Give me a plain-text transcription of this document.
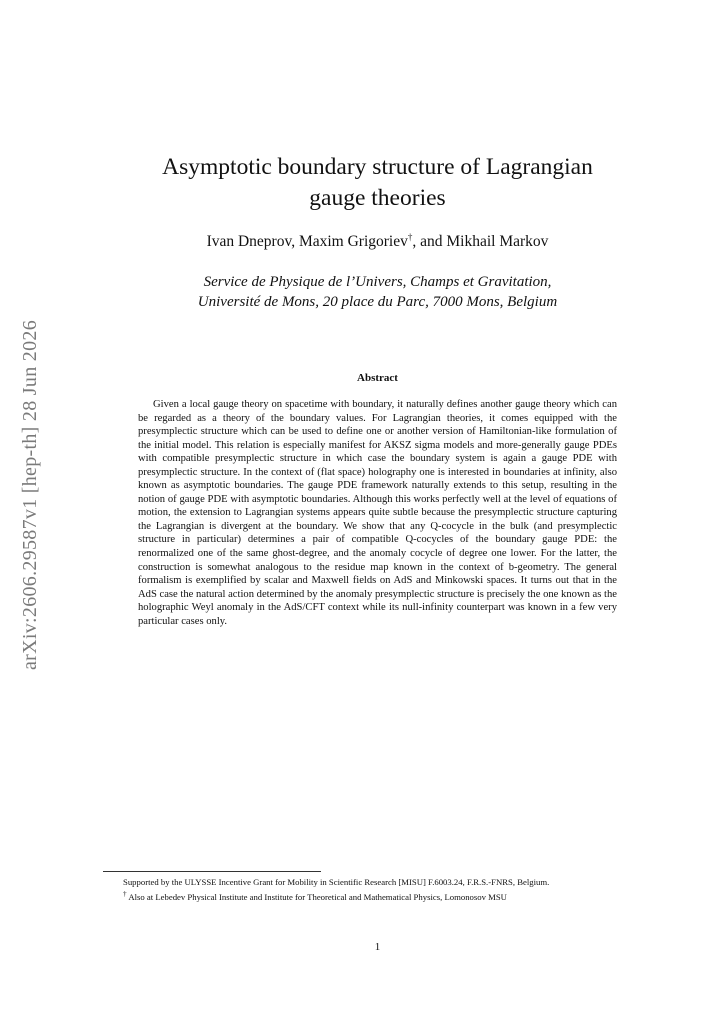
arXiv:2606.29587v1 [hep-th] 28 Jun 2026
Asymptotic boundary structure of Lagrangian
gauge theories
Ivan Dneprov, Maxim Grigoriev†, and Mikhail Markov
Service de Physique de l’Univers, Champs et Gravitation,
Université de Mons, 20 place du Parc, 7000 Mons, Belgium
Abstract

Given a local gauge theory on spacetime with boundary, it naturally defines another gauge theory which can be regarded as a theory of the boundary values. For Lagrangian theories, it comes equipped with the presymplectic structure which can be used to define one or another version of Hamiltonian-like formulation of the initial model. This relation is especially manifest for AKSZ sigma models and more-generally gauge PDEs with compatible presymplectic structure in which case the boundary system is again a gauge PDE with presymplectic structure. In the context of (flat space) holography one is interested in boundaries at infinity, also known as asymptotic boundaries. The gauge PDE framework naturally extends to this setup, resulting in the notion of gauge PDE with asymptotic boundaries. Although this works perfectly well at the level of equations of motion, the extension to Lagrangian systems appears quite subtle because the presymplectic structure capturing the Lagrangian is divergent at the boundary. We show that any Q-cocycle in the bulk (and presymplectic structure in particular) determines a pair of compatible Q-cocycles of the boundary gauge PDE: the renormalized one of the same ghost-degree, and the anomaly cocycle of degree one lower. For the latter, the construction is somewhat analogous to the residue map known in the context of b-geometry. The general formalism is exemplified by scalar and Maxwell fields on AdS and Minkowski spaces. It turns out that in the AdS case the natural action determined by the anomaly presymplectic structure is precisely the one known as the holographic Weyl anomaly in the AdS/CFT context while its null-infinity counterpart was known in a few very particular cases only.

Supported by the ULYSSE Incentive Grant for Mobility in Scientific Research [MISU] F.6003.24, F.R.S.-FNRS, Belgium.

† Also at Lebedev Physical Institute and Institute for Theoretical and Mathematical Physics, Lomonosov MSU

1
